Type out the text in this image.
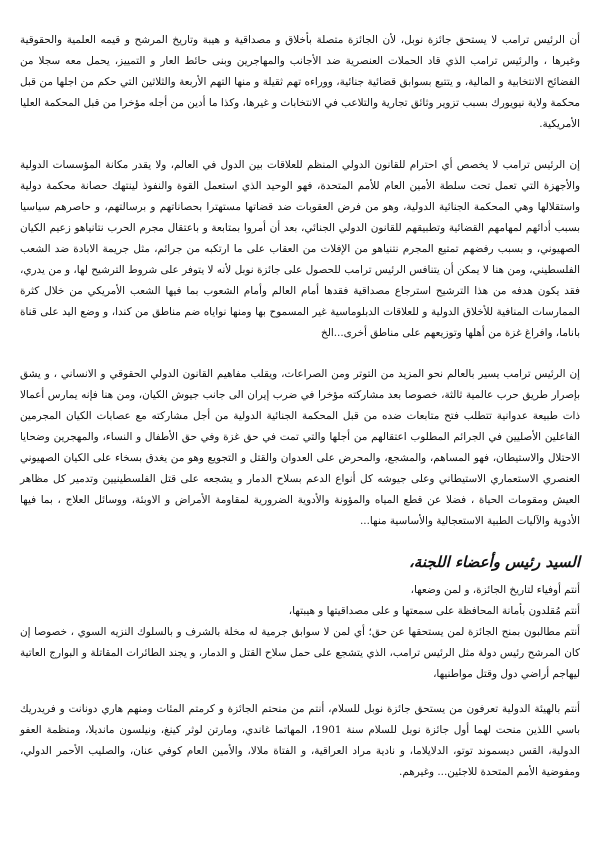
أن الرئيس ترامب لا يستحق جائزة نوبل، لأن الجائزة متصلة بأخلاق و مصداقية و هيبة وتاريخ المرشح و قيمه العلمية والحقوقية وغيرها ، والرئيس ترامب الذي قاد الحملات العنصرية ضد الأجانب والمهاجرين وبنى حائط العار و التمييز، يحمل معه سجلا من الفضائح الانتخابية و المالية، و يتتبع بسوابق قضائية جنائية، ووراءه تهم ثقيلة و منها التهم الأربعة والثلاثين التي حكم من اجلها من قبل محكمة ولاية نيويورك بسبب تزوير وثائق تجارية والتلاعب في الانتخابات و غيرها، وكذا ما أدين من أجله مؤخرا من قبل المحكمة العليا الأمريكية.

إن الرئيس ترامب لا يخصص أي احترام للقانون الدولي المنظم للعلاقات بين الدول في العالم، ولا يقدر مكانة المؤسسات الدولية والأجهزة التي تعمل تحت سلطة الأمين العام للأمم المتحدة، فهو الوحيد الذي استعمل القوة والنفوذ لينتهك حصانة محكمة دولية واستقلالها وهي المحكمة الجنائية الدولية، وهو من فرض العقوبات ضد قضاتها مستهترا بحصاناتهم و برسالتهم، و حاصرهم سياسيا بسبب أدائهم لمهامهم القضائية وتطبيقهم للقانون الدولي الجنائي، بعد أن أمروا بمتابعة و باعتقال مجرم الحرب نتانياهو زعيم الكيان الصهيوني، و بسبب رفضهم تمتيع المجرم نتنياهو من الإفلات من العقاب على ما ارتكبه من جرائم، مثل جريمة الابادة ضد الشعب الفلسطيني، ومن هنا لا يمكن أن يتنافس الرئيس ترامب للحصول على جائزة نوبل لأنه لا يتوفر على شروط الترشيح لها، و من يدري، فقد يكون هدفه من هذا الترشيح استرجاع مصداقية فقدها أمام العالم وأمام الشعوب بما فيها الشعب الأمريكي من خلال كثرة الممارسات المنافية للأخلاق الدولية و للعلاقات الدبلوماسية غير المسموح بها ومنها نواياه ضم مناطق من كندا، و وضع اليد على قناة باناما، وافراغ غزة من أهلها وتوزيعهم على مناطق أخرى...الخ

إن الرئيس ترامب يسير بالعالم نحو المزيد من التوتر ومن الصراعات، ويقلب مفاهيم القانون الدولي الحقوقي و الانساني ، و يشق بإصرار طريق حرب عالمية ثالثة، خصوصا بعد مشاركته مؤخرا في ضرب إيران الى جانب جيوش الكيان، ومن هنا فإنه يمارس أعمالا ذات طبيعة عدوانية تتطلب فتح متابعات ضده من قبل المحكمة الجنائية الدولية من أجل مشاركته مع عصابات الكيان المجرمين الفاعلين الأصليين في الجرائم المطلوب اعتقالهم من أجلها والتي تمت في حق غزة وفي حق الأطفال و النساء، والمهجرين وضحايا الاحتلال والاستيطان، فهو المساهم، والمشجع، والمحرض على العدوان والقتل و التجويع وهو من يغدق بسخاء على الكيان الصهيوني العنصري الاستعماري الاستيطاني وعلى جيوشه كل أنواع الدعم بسلاح الدمار و يشجعه على قتل الفلسطينيين وتدمير كل مظاهر العيش ومقومات الحياة ، فضلا عن قطع المياه والمؤونة والأدوية الضرورية لمقاومة الأمراض و الاوبئة، ووسائل العلاج ، بما فيها الأدوية والآليات الطبية الاستعجالية والأساسية منها...

السيد رئيس وأعضاء اللجنة،

أنتم أوفياء لتاريخ الجائزة، و لمن وضعها،
أنتم مُقلدون بأمانة المحافظة على سمعتها و على مصداقيتها و هيبتها،
أنتم مطالبون بمنح الجائزة لمن يستحقها عن حق؛ أي لمن لا سوابق جرمية له مخلة بالشرف و بالسلوك النزيه السوي ، خصوصا إن كان المرشح رئيس دولة مثل الرئيس ترامب، الذي يتشجع على حمل سلاح القتل و الدمار، و يجند الطائرات المقاتلة و البوارج العاتية ليهاجم أراضي دول وقتل مواطنيها،

أنتم بالهيئة الدولية تعرفون من يستحق جائزة نوبل للسلام، أنتم من منحتم الجائزة و كرمتم المئات ومنهم هاري دونانت و فريدريك باسي اللذين منحت لهما أول جائزة نوبل للسلام سنة 1901، المهاتما غاندي، ومارتن لوثر كينغ، ونيلسون مانديلا، ومنظمة العفو الدولية، القس ديسموند توتو، الدلايلاما، و نادية مراد العراقية، و الفتاة ملالا، والأمين العام كوفي عنان، والصليب الأحمر الدولي، ومفوضية الأمم المتحدة للاجئين... وغيرهم.
